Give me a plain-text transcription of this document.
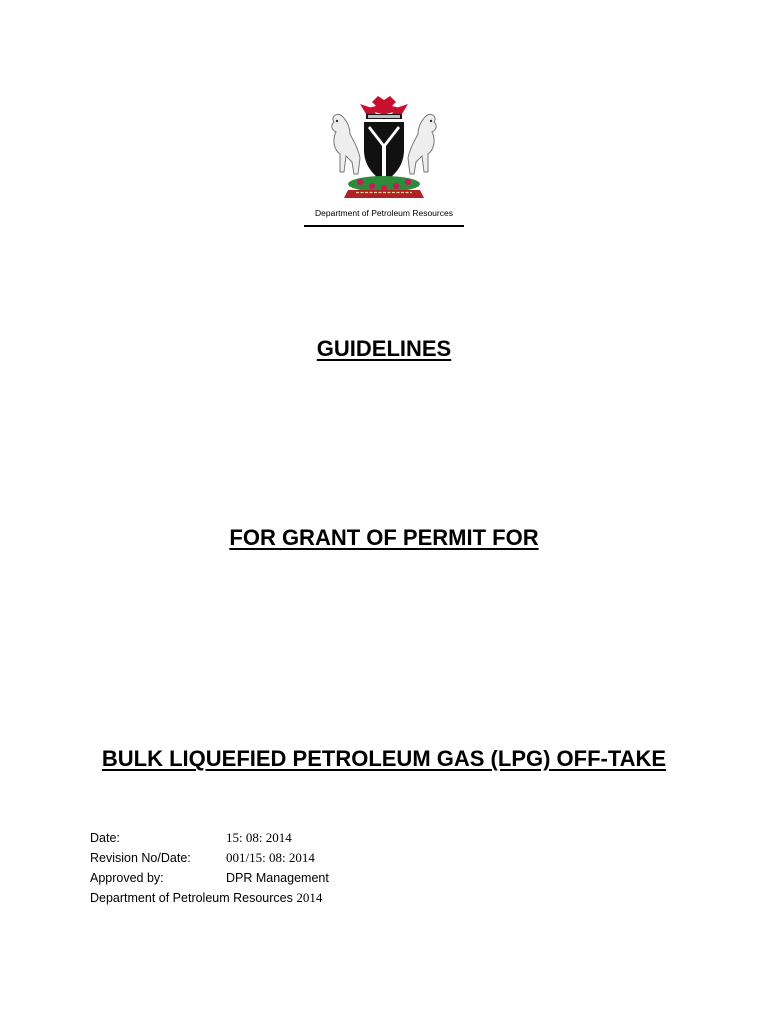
Department of Petroleum Resources
GUIDELINES
FOR GRANT OF PERMIT FOR
BULK LIQUEFIED PETROLEUM GAS (LPG) OFF-TAKE
Date:	15: 08: 2014
Revision No/Date:	001/15: 08: 2014
Approved by:	DPR Management
Department of Petroleum Resources 2014
